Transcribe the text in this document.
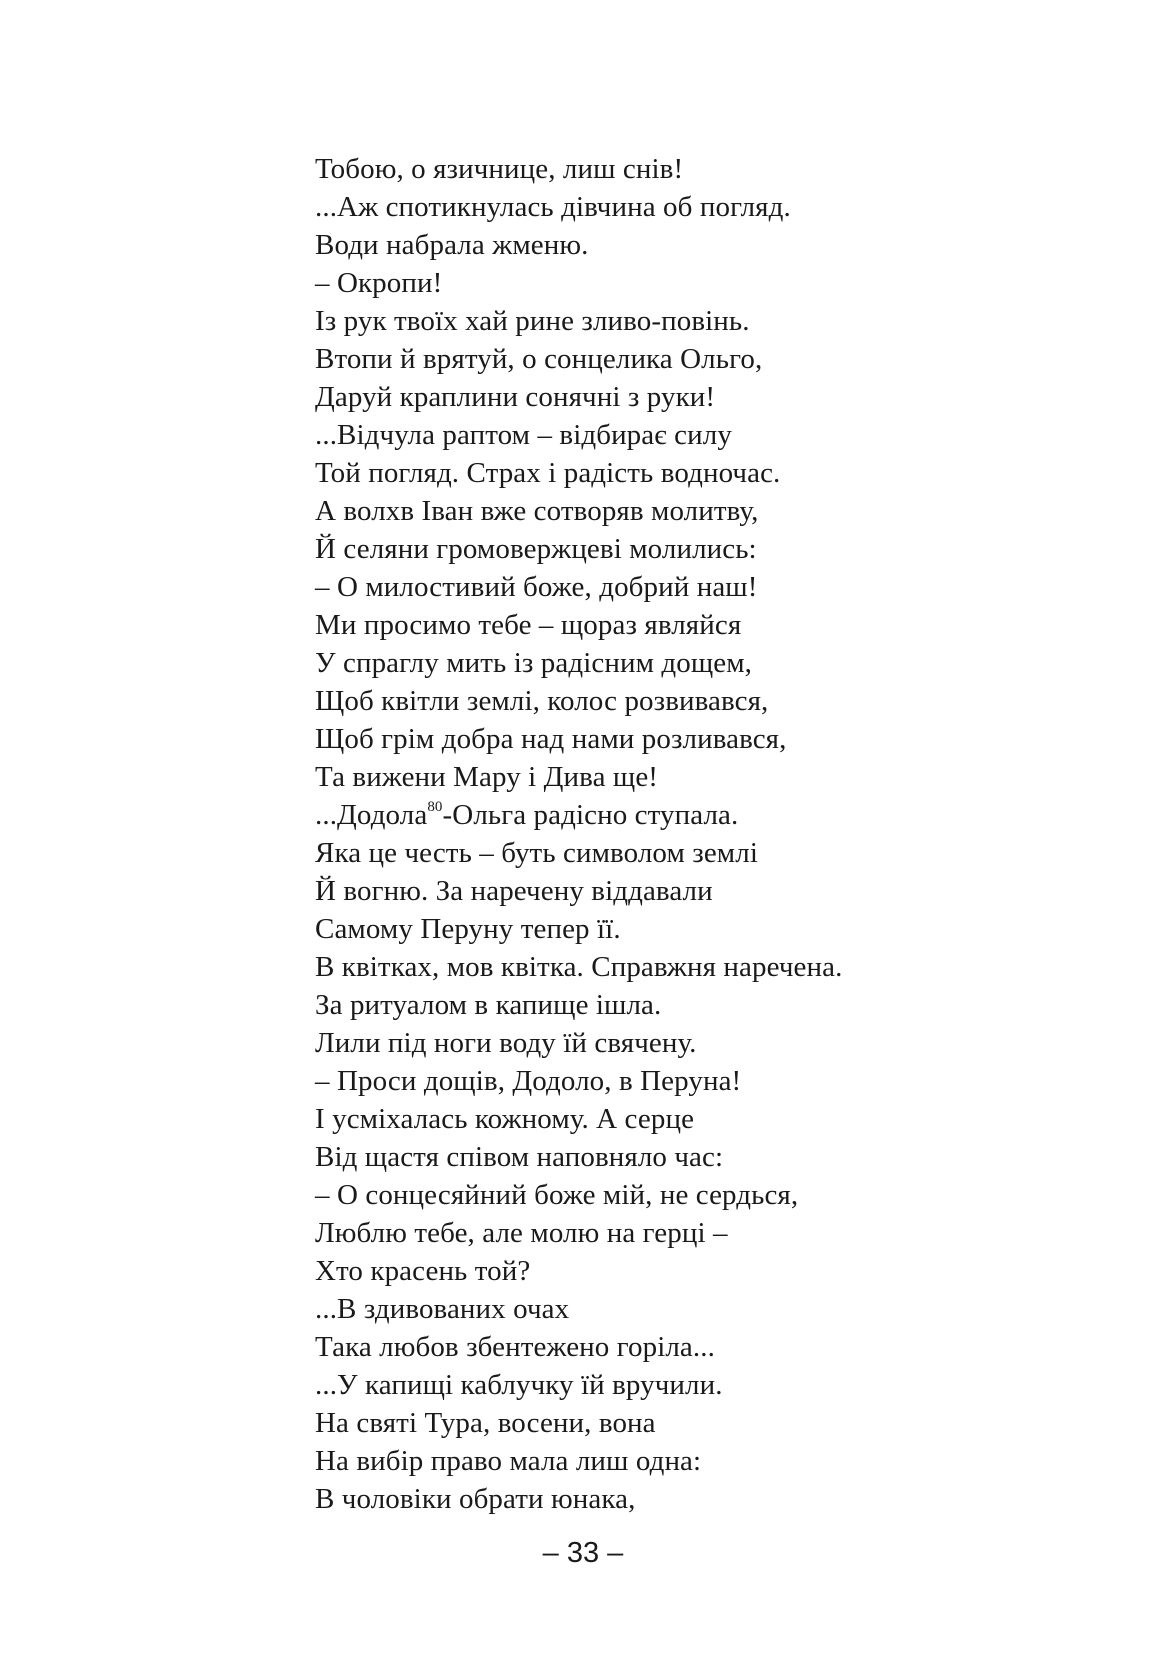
Тобою, о язичнице, лиш снів!
...Аж спотикнулась дівчина об погляд.
Води набрала жменю.
– Окропи!
Із рук твоїх хай рине зливо-повінь.
Втопи й врятуй, о сонцелика Ольго,
Даруй краплини сонячні з руки!
...Відчула раптом – відбирає силу
Той погляд. Страх і радість водночас.
А волхв Іван вже сотворяв молитву,
Й селяни громовержцеві молились:
– О милостивий боже, добрий наш!
Ми просимо тебе – щораз являйся
У спраглу мить із радісним дощем,
Щоб квітли землі, колос розвивався,
Щоб грім добра над нами розливався,
Та вижени Мару і Дива ще!
...Додола$^{80}$-Ольга радісно ступала.
Яка це честь – буть символом землі
Й вогню. За наречену віддавали
Самому Перуну тепер її.
В квітках, мов квітка. Справжня наречена.
За ритуалом в капище ішла.
Лили під ноги воду їй свячену.
– Проси дощів, Додоло, в Перуна!
І усміхалась кожному. А серце
Від щастя співом наповняло час:
– О сонцесяйний боже мій, не сердься,
Люблю тебе, але молю на герці –
Хто красень той?
...В здивованих очах
Така любов збентежено горіла...
...У капищі каблучку їй вручили.
На святі Тура, восени, вона
На вибір право мала лиш одна:
В чоловіки обрати юнака,
– 33 –
